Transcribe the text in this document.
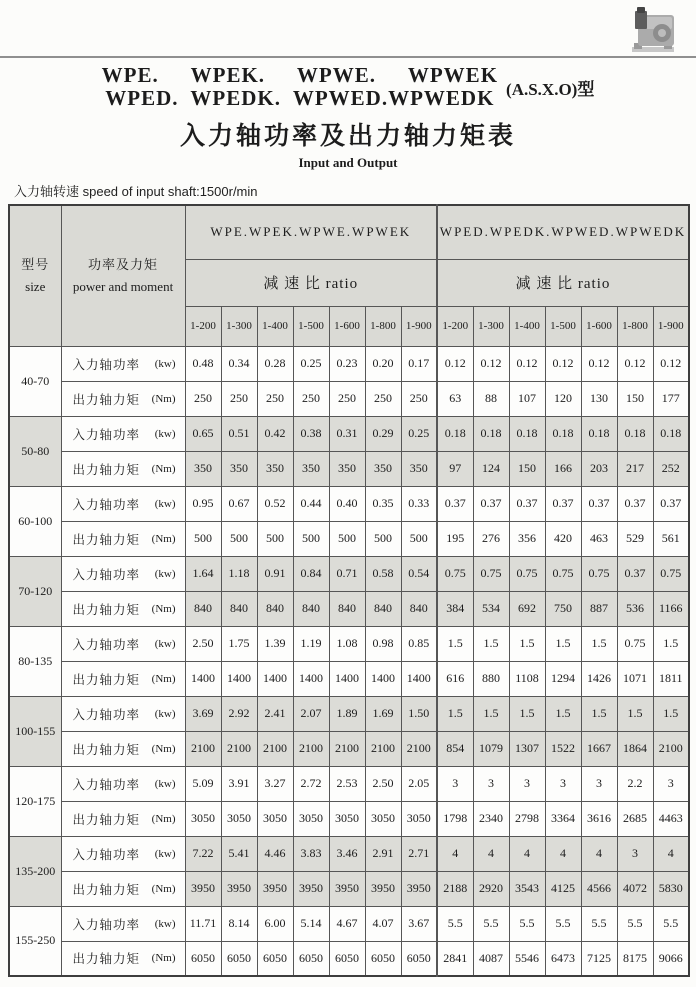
WPE. WPEK. WPWE. WPWEK
WPED. WPEDK. WPWED.WPWEDK (A.S.X.O)型
入力轴功率及出力轴力矩表
Input and Output
入力轴转速 speed of input shaft:1500r/min
型号
size

功率及力矩
power and moment
	WPE.WPEK.WPWE.WPWEK	WPED.WPEDK.WPWED.WPWEDK
		减 速 比 ratio							减 速 比 ratio						
		1-200	1-300	1-400	1-500	1-600	1-800	1-900	1-200	1-300	1-400	1-500	1-600	1-800	1-900
40-70	入力轴功率 (kw)	0.48	0.34	0.28	0.25	0.23	0.20	0.17	0.12	0.12	0.12	0.12	0.12	0.12	0.12

	出力轴力矩 (Nm)	250	250	250	250	250	250	250	63	88	107	120	130	150	177
50-80	入力轴功率 (kw)	0.65	0.51	0.42	0.38	0.31	0.29	0.25	0.18	0.18	0.18	0.18	0.18	0.18	0.18

	出力轴力矩 (Nm)	350	350	350	350	350	350	350	97	124	150	166	203	217	252
60-100	入力轴功率 (kw)	0.95	0.67	0.52	0.44	0.40	0.35	0.33	0.37	0.37	0.37	0.37	0.37	0.37	0.37

	出力轴力矩 (Nm)	500	500	500	500	500	500	500	195	276	356	420	463	529	561
70-120	入力轴功率 (kw)	1.64	1.18	0.91	0.84	0.71	0.58	0.54	0.75	0.75	0.75	0.75	0.75	0.37	0.75

	出力轴力矩 (Nm)	840	840	840	840	840	840	840	384	534	692	750	887	536	1166
80-135	入力轴功率 (kw)	2.50	1.75	1.39	1.19	1.08	0.98	0.85	1.5	1.5	1.5	1.5	1.5	0.75	1.5

	出力轴力矩 (Nm)	1400	1400	1400	1400	1400	1400	1400	616	880	1108	1294	1426	1071	1811
100-155	入力轴功率 (kw)	3.69	2.92	2.41	2.07	1.89	1.69	1.50	1.5	1.5	1.5	1.5	1.5	1.5	1.5

	出力轴力矩 (Nm)	2100	2100	2100	2100	2100	2100	2100	854	1079	1307	1522	1667	1864	2100
120-175	入力轴功率 (kw)	5.09	3.91	3.27	2.72	2.53	2.50	2.05	3	3	3	3	3	2.2	3

	出力轴力矩 (Nm)	3050	3050	3050	3050	3050	3050	3050	1798	2340	2798	3364	3616	2685	4463
135-200	入力轴功率 (kw)	7.22	5.41	4.46	3.83	3.46	2.91	2.71	4	4	4	4	4	3	4

	出力轴力矩 (Nm)	3950	3950	3950	3950	3950	3950	3950	2188	2920	3543	4125	4566	4072	5830
155-250	入力轴功率 (kw)	11.71	8.14	6.00	5.14	4.67	4.07	3.67	5.5	5.5	5.5	5.5	5.5	5.5	5.5

	出力轴力矩 (Nm)	6050	6050	6050	6050	6050	6050	6050	2841	4087	5546	6473	7125	8175	9066
